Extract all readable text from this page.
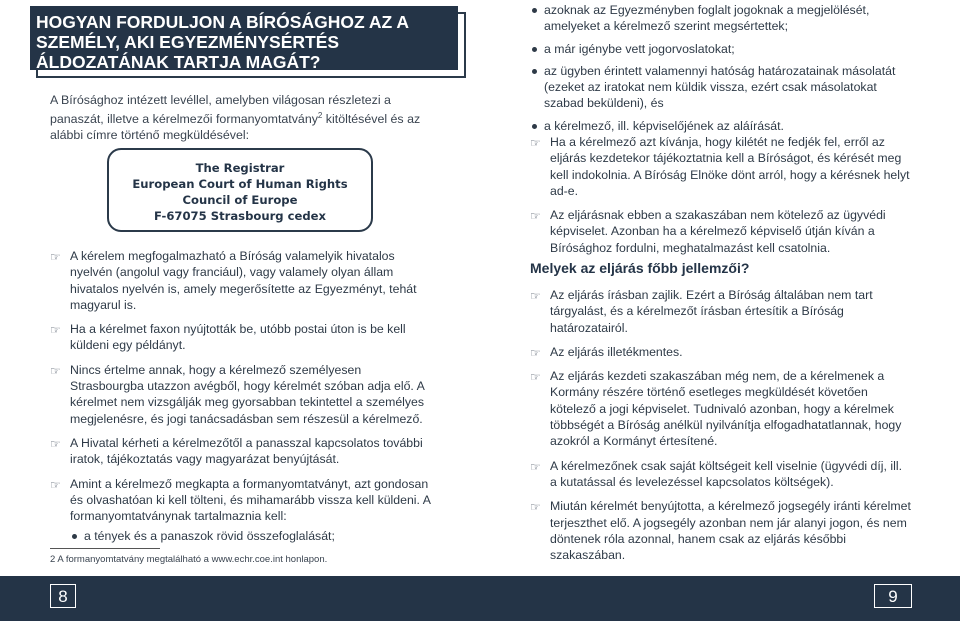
HOGYAN FORDULJON A BÍRÓSÁGHOZ AZ A SZEMÉLY, AKI EGYEZMÉNYSÉRTÉS ÁLDOZATÁNAK TARTJA MAGÁT?
A Bírósághoz intézett levéllel, amelyben világosan részletezi a panaszát, illetve a kérelmezői formanyomtatvány$^2$ kitöltésével és az alábbi címre történő megküldésével:
The Registrar
European Court of Human Rights
Council of Europe
F-67075 Strasbourg cedex
☞ A kérelem megfogalmazható a Bíróság valamelyik hivatalos nyelvén (angolul vagy franciául), vagy valamely olyan állam hivatalos nyelvén is, amely megerősítette az Egyezményt, tehát magyarul is.
☞ Ha a kérelmet faxon nyújtották be, utóbb postai úton is be kell küldeni egy példányt.
☞ Nincs értelme annak, hogy a kérelmező személyesen Strasbourgba utazzon avégből, hogy kérelmét szóban adja elő. A kérelmet nem vizsgálják meg gyorsabban tekintettel a személyes megjelenésre, és jogi tanácsadásban sem részesül a kérelmező.
☞ A Hivatal kérheti a kérelmezőtől a panasszal kapcsolatos további iratok, tájékoztatás vagy magyarázat benyújtását.
☞ Amint a kérelmező megkapta a formanyomtatványt, azt gondosan és olvashatóan ki kell tölteni, és mihamarább vissza kell küldeni. A formanyomtatványnak tartalmaznia kell:
a tények és a panaszok rövid összefoglalását;
2 A formanyomtatvány megtalálható a www.echr.coe.int honlapon.
8
azoknak az Egyezményben foglalt jogoknak a megjelölését, amelyeket a kérelmező szerint megsértettek;
a már igénybe vett jogorvoslatokat;
az ügyben érintett valamennyi hatóság határozatainak másolatát (ezeket az iratokat nem küldik vissza, ezért csak másolatokat szabad beküldeni), és
a kérelmező, ill. képviselőjének az aláírását.
☞ Ha a kérelmező azt kívánja, hogy kilétét ne fedjék fel, erről az eljárás kezdetekor tájékoztatnia kell a Bíróságot, és kérését meg kell indokolnia. A Bíróság Elnöke dönt arról, hogy a kérésnek helyt ad-e.
☞ Az eljárásnak ebben a szakaszában nem kötelező az ügyvédi képviselet. Azonban ha a kérelmező képviselő útján kíván a Bírósághoz fordulni, meghatalmazást kell csatolnia.
Melyek az eljárás főbb jellemzői?
☞ Az eljárás írásban zajlik. Ezért a Bíróság általában nem tart tárgyalást, és a kérelmezőt írásban értesítik a Bíróság határozatairól.
☞ Az eljárás illetékmentes.
☞ Az eljárás kezdeti szakaszában még nem, de a kérelmenek a Kormány részére történő esetleges megküldését követően kötelező a jogi képviselet. Tudnivaló azonban, hogy a kérelmek többségét a Bíróság anélkül nyilvánítja elfogadhatatlannak, hogy azokról a Kormányt értesítené.
☞ A kérelmezőnek csak saját költségeit kell viselnie (ügyvédi díj, ill. a kutatással és levelezéssel kapcsolatos költségek).
☞ Miután kérelmét benyújtotta, a kérelmező jogsegély iránti kérelmet terjeszthet elő. A jogsegély azonban nem jár alanyi jogon, és nem döntenek róla azonnal, hanem csak az eljárás későbbi szakaszában.
9
